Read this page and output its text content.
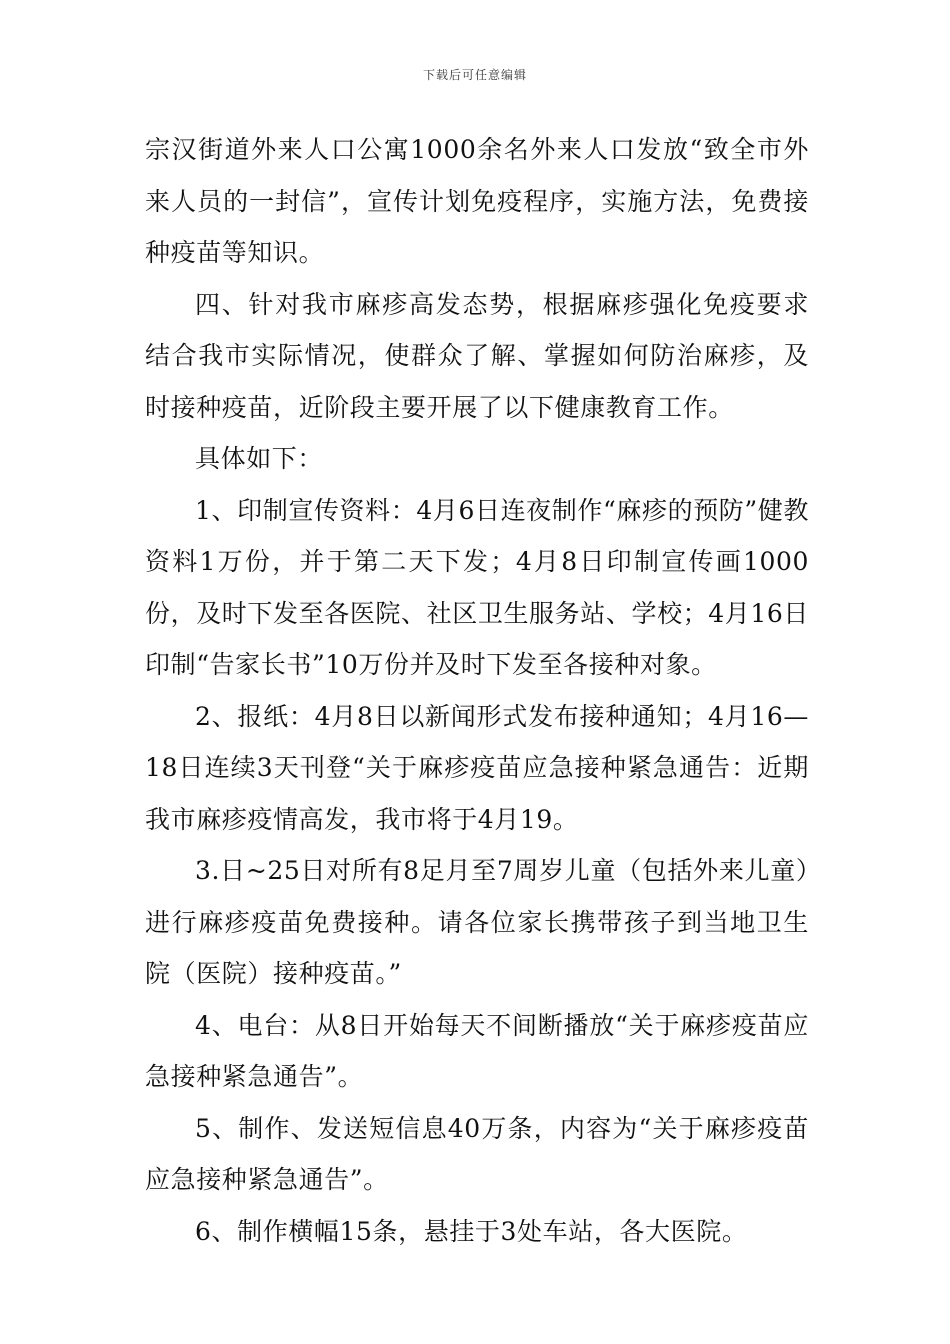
下载后可任意编辑

宗汉街道外来人口公寓1000余名外来人口发放“致全市外来人员的一封信”，宣传计划免疫程序，实施方法，免费接种疫苗等知识。

四、针对我市麻疹高发态势，根据麻疹强化免疫要求结合我市实际情况，使群众了解、掌握如何防治麻疹，及时接种疫苗，近阶段主要开展了以下健康教育工作。

具体如下：

1、印制宣传资料：4月6日连夜制作“麻疹的预防”健教资料1万份，并于第二天下发；4月8日印制宣传画1000份，及时下发至各医院、社区卫生服务站、学校；4月16日印制“告家长书”10万份并及时下发至各接种对象。

2、报纸：4月8日以新闻形式发布接种通知；4月16—18日连续3天刊登“关于麻疹疫苗应急接种紧急通告：近期我市麻疹疫情高发，我市将于4月19。

3.日~25日对所有8足月至7周岁儿童（包括外来儿童）进行麻疹疫苗免费接种。请各位家长携带孩子到当地卫生院（医院）接种疫苗。”

4、电台：从8日开始每天不间断播放“关于麻疹疫苗应急接种紧急通告”。

5、制作、发送短信息40万条，内容为“关于麻疹疫苗应急接种紧急通告”。

6、制作横幅15条，悬挂于3处车站，各大医院。
